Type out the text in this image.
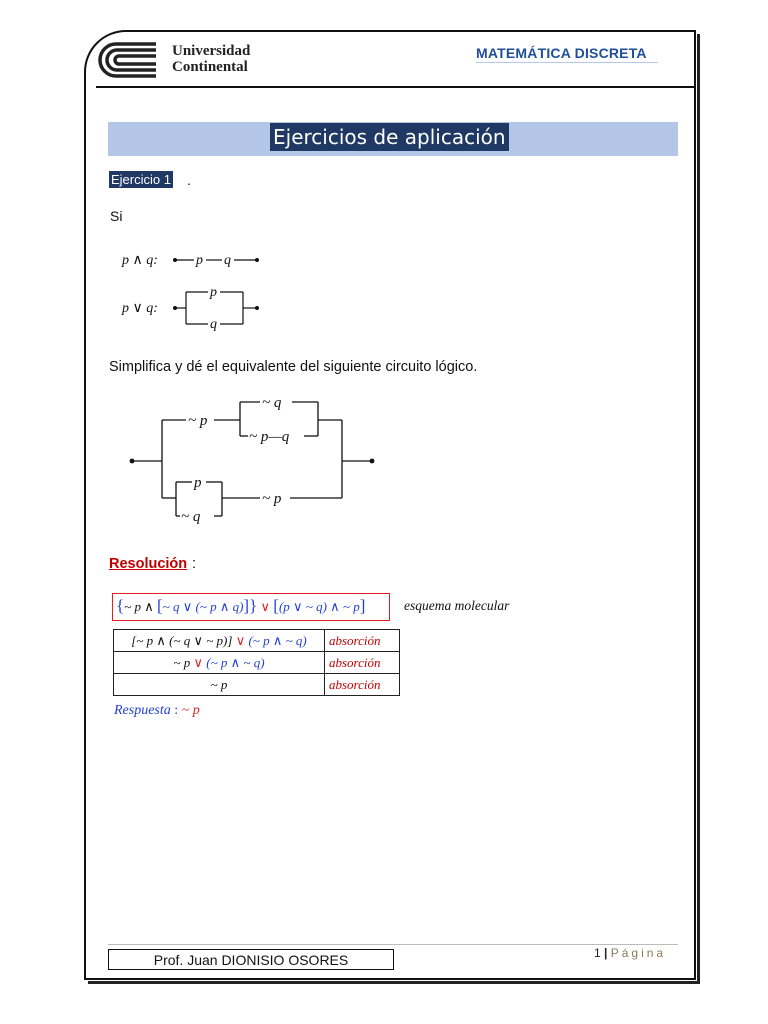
Universidad
Continental
MATEMÁTICA DISCRETA
Ejercicios de aplicación
Ejercicio 1 .
Si
p ∧ q:	p q
p ∨ q:
p
q
Simplifica y dé el equivalente del siguiente circuito lógico.
~ p
~ q
~ p—q
p
~ q
~ p
Resolución :
{~ p ∧ [~ q ∨ (~ p ∧ q)]} ∨ [(p ∨ ~ q) ∧ ~ p]	esquema molecular
[~ p ∧ (~ q ∨ ~ p)] ∨ (~ p ∧ ~ q)	absorción
~ p ∨ (~ p ∧ ~ q)	absorción
~ p	absorción
Respuesta : ~ p
Prof. Juan DIONISIO OSORES	1 | Página
